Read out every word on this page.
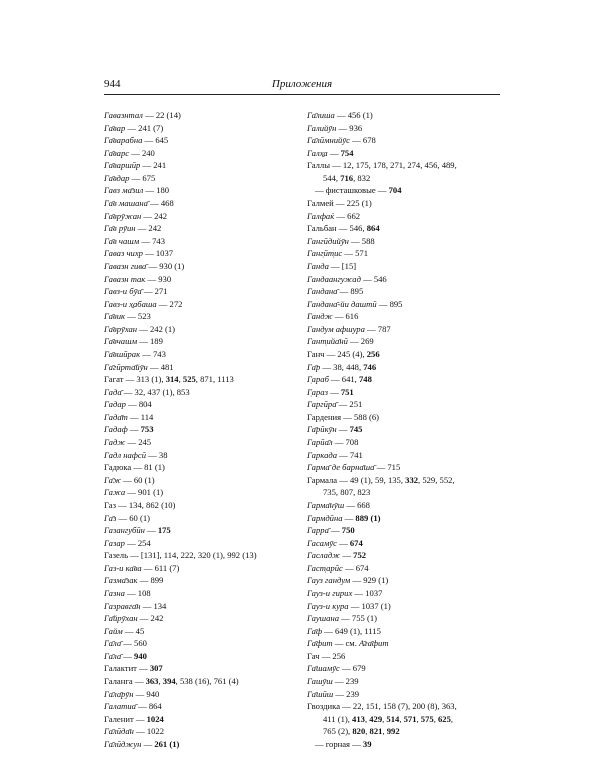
944	Приложения
Гавазнтал — 22 (14)
Га̄вар — 241 (7)
Га̄варабна — 645
Га̄варс — 240
Га̄варшӣр — 241
Га̄вдар — 675
Гавз ма̄зил — 180
Га̄в машана̄ — 468
Га̄врӯжан — 242
Га̄в рӯин — 242
Га̄в чашм — 743
Гаваз чихр — 1037
Гавазн гива̄ — 930 (1)
Гавазн так — 930
Гавз-и бӯа̄ — 271
Гавз-и х̱абаша — 272
Га̄вик — 523
Га̄врӯхан — 242 (1)
Га̄вчашм — 189
Га̄вшӣрак — 743
Га̄гӣрта̄йӯн — 481
Гагат — 313 (1), 314, 525, 871, 1113
Гада̄ — 32, 437 (1), 853
Гадар — 804
Гада̄т — 114
Гадаф — 753
Гадж — 245
Гадл нафсӣ — 38
Гадюка — 81 (1)
Га̄ж — 60 (1)
Гажа — 901 (1)
Газ — 134, 862 (10)
Га̄з — 60 (1)
Газангубӣн — 175
Газар — 254
Газель — [131], 114, 222, 320 (1), 992 (13)
Газ-и ка̄ва — 611 (7)
Газма̄зак — 899
Газна — 108
Газравга̄н — 134
Га̄йрӯхан — 242
Гайм — 45
Га̄ла̄ — 560
Га̄ла̄ — 940
Галактит — 307
Галанга — 363, 394, 538 (16), 761 (4)
Га̄ла̄рӯн — 940
Галатиа̄ — 864
Галенит — 1024
Га̄лӣда̄н — 1022
Га̄лӣджун — 261 (1)
Га̄лиша — 456 (1)
Галийӯн — 936
Га̄лӣмнийӯс — 678
Галх̱а — 754
Галлы — 12, 175, 178, 271, 274, 456, 489,
544, 716, 832
— фисташковые — 704
Галмей — 225 (1)
Галфаќ — 662
Гальбан — 546, 864
Гангӣдийӯн — 588
Ганг̣ӣт̣ис — 571
Ганда — [15]
Гандаангужад — 546
Гандана̄ — 895
Гандана̄-йи даштӣ — 895
Гандж — 616
Гандум афшура — 787
Гант̣ийа̄нӣ — 269
Ганч — 245 (4), 256
Га̄р — 38, 448, 746
Г̣араб — 641, 748
Г̣араз — 751
Гаргӣра̄ — 251
Гардения — 588 (6)
Га̄рӣкӯн — 745
Гарӣа̄л — 708
Гаркада — 741
Гарма̄ де барна̄ша̄ — 715
Гармала — 49 (1), 59, 135, 332, 529, 552,
735, 807, 823
Гарма̄нӯш — 668
Гармдӣна — 889 (1)
Гарра̄ — 750
Гасамӯс — 674
Гасладж — 752
Гаст̣арӣс — 674
Гауз гандум — 929 (1)
Гауз-и гирих — 1037
Гауз-и кура — 1037 (1)
Гаушана — 755 (1)
Га̄ф — 649 (1), 1115
Га̄фит — см. А̄ға̄фит
Гач — 256
Га̄шамӯс — 679
Гашӯш — 239
Га̄шӣш — 239
Гвоздика — 22, 151, 158 (7), 200 (8), 363,
411 (1), 413, 429, 514, 571, 575, 625,
765 (2), 820, 821, 992
— горная — 39
